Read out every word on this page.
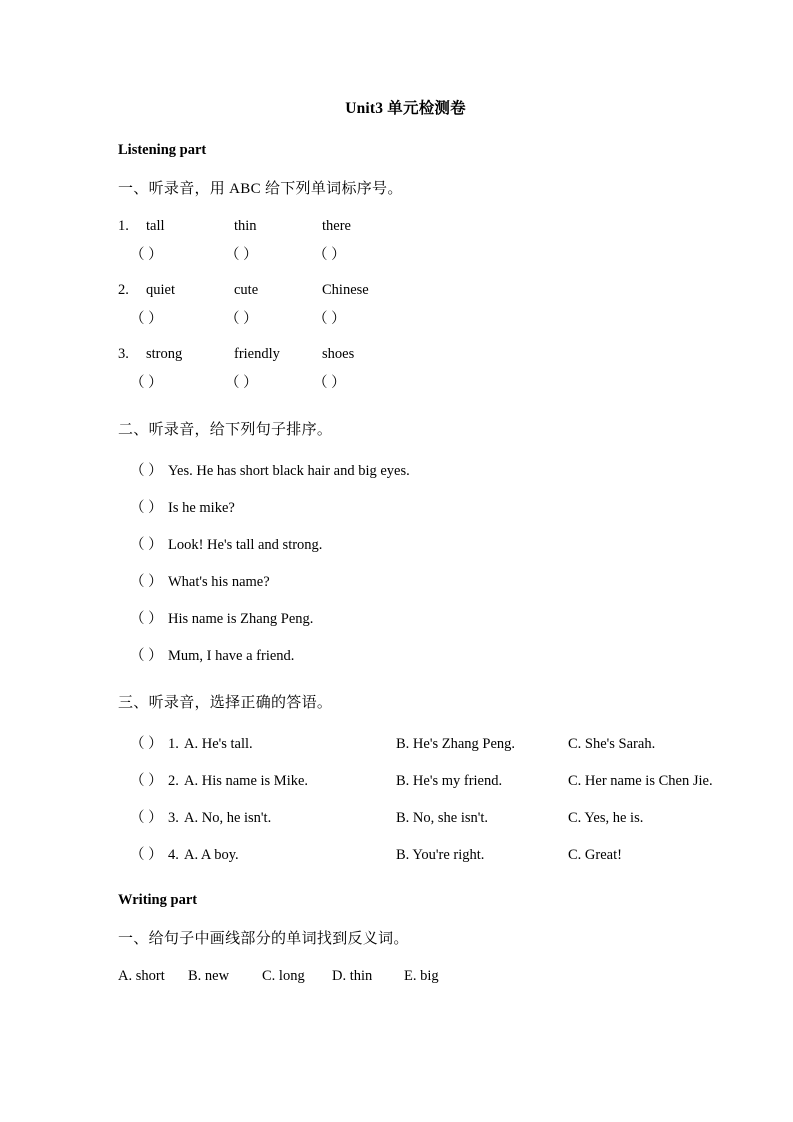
Unit3 单元检测卷
Listening part
一、听录音，用 ABC 给下列单词标序号。
1. tall	thin	there
（ ）	（ ）	（ ）
2. quiet	cute	Chinese
（ ）	（ ）	（ ）
3. strong	friendly	shoes
（ ）	（ ）	（ ）
二、听录音，给下列句子排序。
（ ） Yes. He has short black hair and big eyes.
（ ） Is he mike?
（ ） Look! He's tall and strong.
（ ） What's his name?
（ ） His name is Zhang Peng.
（ ） Mum, I have a friend.
三、听录音，选择正确的答语。
（ ） 1. A. He's tall.	B. He's Zhang Peng.	C. She's Sarah.
（ ） 2. A. His name is Mike.	B. He's my friend.	C. Her name is Chen Jie.
（ ） 3. A. No, he isn't.	B. No, she isn't.	C. Yes, he is.
（ ） 4. A. A boy.	B. You're right.	C. Great!
Writing part
一、给句子中画线部分的单词找到反义词。
A. short B. new C. long D. thin E. big
